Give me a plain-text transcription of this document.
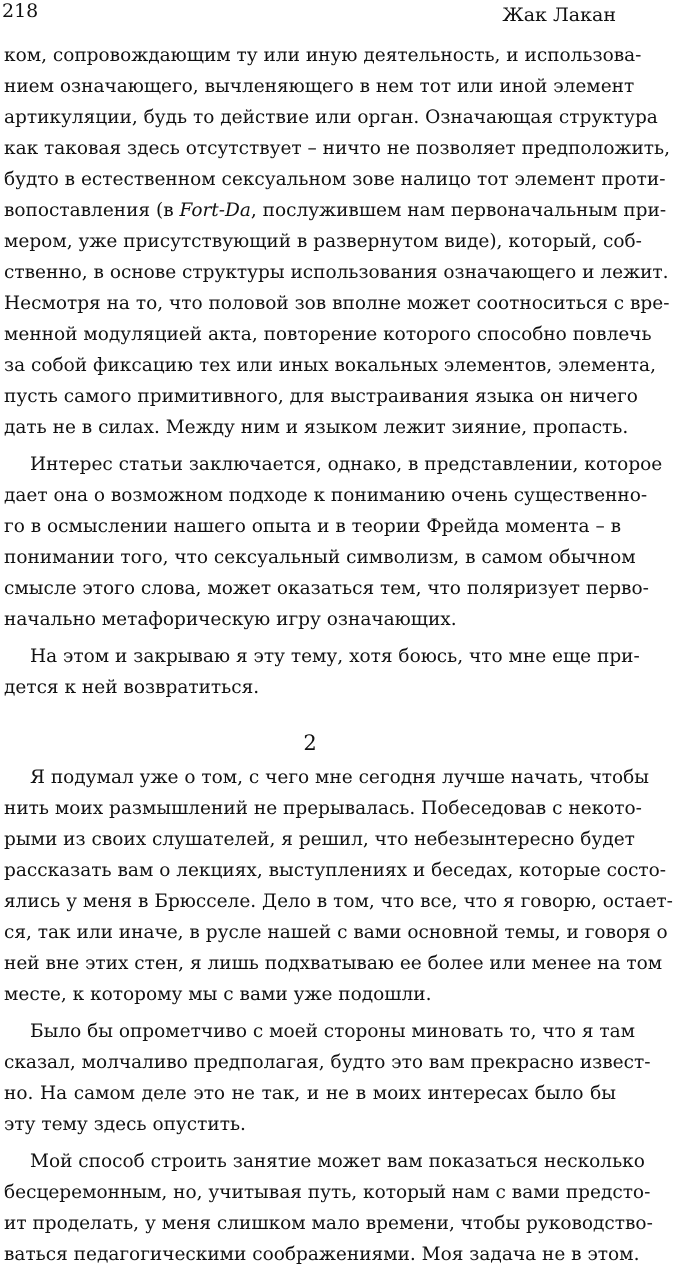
218	Жак Лакан
ком, сопровождающим ту или иную деятельность, и использова-
нием означающего, вычленяющего в нем тот или иной элемент
артикуляции, будь то действие или орган. Означающая структура
как таковая здесь отсутствует – ничто не позволяет предположить,
будто в естественном сексуальном зове налицо тот элемент проти-
вопоставления (в Fort-Da, послужившем нам первоначальным при-
мером, уже присутствующий в развернутом виде), который, соб-
ственно, в основе структуры использования означающего и лежит.
Несмотря на то, что половой зов вполне может соотноситься с вре-
менной модуляцией акта, повторение которого способно повлечь
за собой фиксацию тех или иных вокальных элементов, элемента,
пусть самого примитивного, для выстраивания языка он ничего
дать не в силах. Между ним и языком лежит зияние, пропасть.
Интерес статьи заключается, однако, в представлении, которое
дает она о возможном подходе к пониманию очень существенно-
го в осмыслении нашего опыта и в теории Фрейда момента – в
понимании того, что сексуальный символизм, в самом обычном
смысле этого слова, может оказаться тем, что поляризует перво-
начально метафорическую игру означающих.
На этом и закрываю я эту тему, хотя боюсь, что мне еще при-
дется к ней возвратиться.
2
Я подумал уже о том, с чего мне сегодня лучше начать, чтобы
нить моих размышлений не прерывалась. Побеседовав с некото-
рыми из своих слушателей, я решил, что небезынтересно будет
рассказать вам о лекциях, выступлениях и беседах, которые состо-
ялись у меня в Брюсселе. Дело в том, что все, что я говорю, остает-
ся, так или иначе, в русле нашей с вами основной темы, и говоря о
ней вне этих стен, я лишь подхватываю ее более или менее на том
месте, к которому мы с вами уже подошли.
Было бы опрометчиво с моей стороны миновать то, что я там
сказал, молчаливо предполагая, будто это вам прекрасно извест-
но. На самом деле это не так, и не в моих интересах было бы
эту тему здесь опустить.
Мой способ строить занятие может вам показаться несколько
бесцеремонным, но, учитывая путь, который нам с вами предсто-
ит проделать, у меня слишком мало времени, чтобы руководство-
ваться педагогическими соображениями. Моя задача не в этом.
